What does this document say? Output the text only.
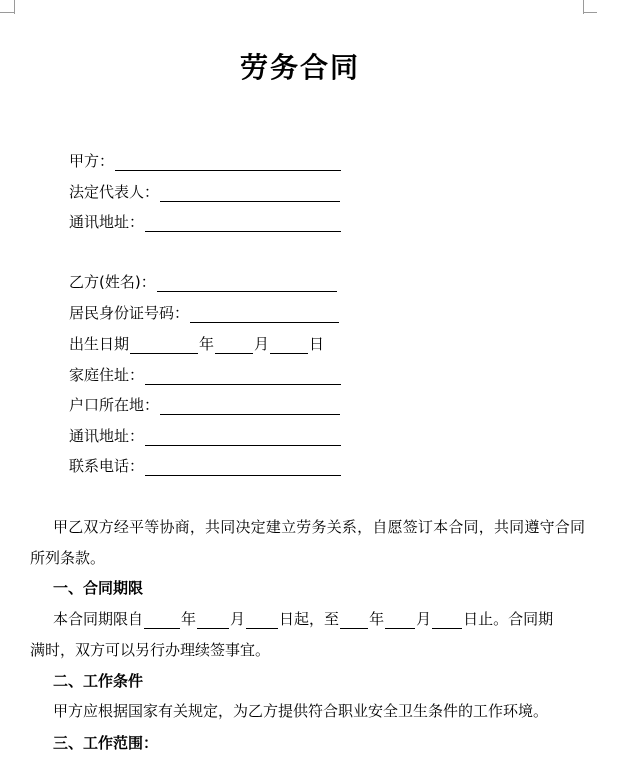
劳务合同
甲方：
法定代表人：
通讯地址：
乙方(姓名)：
居民身份证号码：
出生日期	年	月	日
家庭住址：
户口所在地：
通讯地址：
联系电话：
甲乙双方经平等协商，共同决定建立劳务关系，自愿签订本合同，共同遵守合同所列条款。
一、合同期限
本合同期限自	年 月 日起，至 年 月 日止。合同期
满时，双方可以另行办理续签事宜。
二、工作条件
甲方应根据国家有关规定，为乙方提供符合职业安全卫生条件的工作环境。
三、工作范围：
